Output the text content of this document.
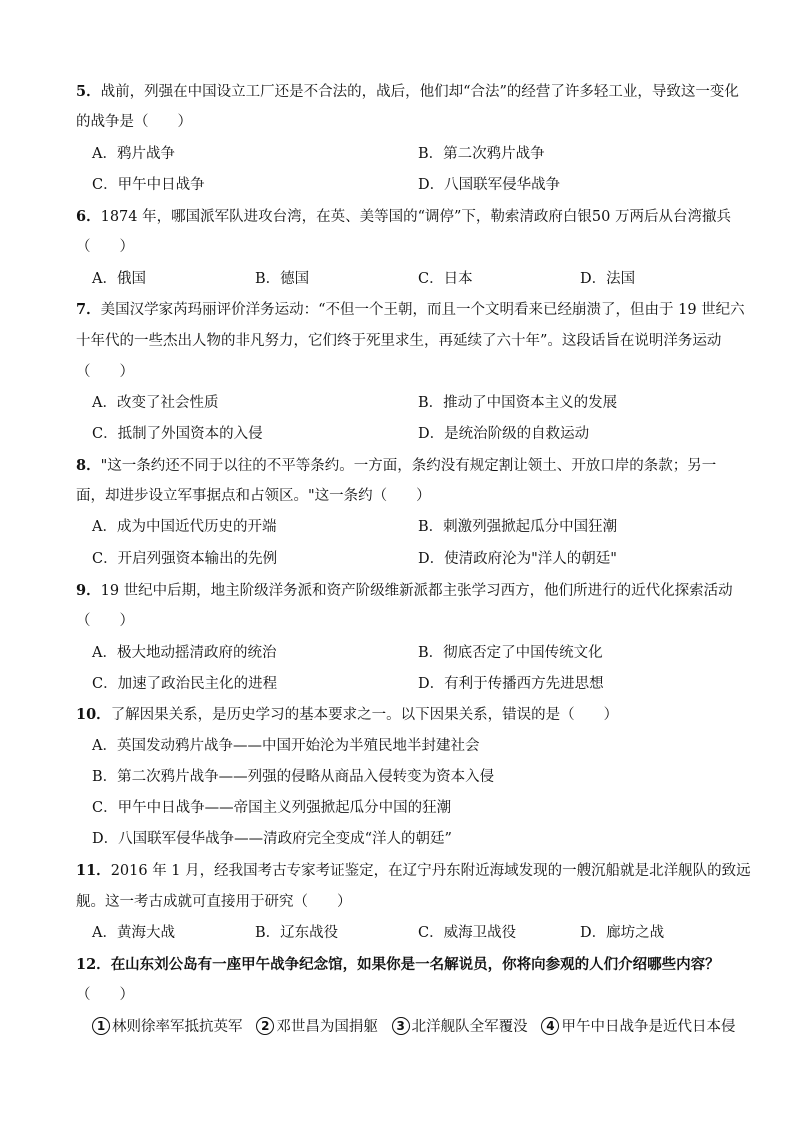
5．战前，列强在中国设立工厂还是不合法的，战后，他们却“合法”的经营了许多轻工业，导致这一变化
的战争是（　　）
A．鸦片战争	B．第二次鸦片战争
C．甲午中日战争	D．八国联军侵华战争
6．1874 年，哪国派军队进攻台湾，在英、美等国的“调停”下，勒索清政府白银50 万两后从台湾撤兵
（　　）
A．俄国	B．德国	C．日本	D．法国
7．美国汉学家芮玛丽评价洋务运动：“不但一个王朝，而且一个文明看来已经崩溃了，但由于 19 世纪六
十年代的一些杰出人物的非凡努力，它们终于死里求生，再延续了六十年”。这段话旨在说明洋务运动
（　　）
A．改变了社会性质	B．推动了中国资本主义的发展
C．抵制了外国资本的入侵	D．是统治阶级的自救运动
8．"这一条约还不同于以往的不平等条约。一方面，条约没有规定割让领土、开放口岸的条款；另一
面，却进步设立军事据点和占领区。"这一条约（　　）
A．成为中国近代历史的开端	B．刺激列强掀起瓜分中国狂潮
C．开启列强资本输出的先例	D．使清政府沦为"洋人的朝廷"
9．19 世纪中后期，地主阶级洋务派和资产阶级维新派都主张学习西方，他们所进行的近代化探索活动
（　　）
A．极大地动摇清政府的统治	B．彻底否定了中国传统文化
C．加速了政治民主化的进程	D．有利于传播西方先进思想
10．了解因果关系，是历史学习的基本要求之一。以下因果关系，错误的是（　　）
A．英国发动鸦片战争——中国开始沦为半殖民地半封建社会
B．第二次鸦片战争——列强的侵略从商品入侵转变为资本入侵
C．甲午中日战争——帝国主义列强掀起瓜分中国的狂潮
D．八国联军侵华战争——清政府完全变成“洋人的朝廷”
11．2016 年 1 月，经我国考古专家考证鉴定，在辽宁丹东附近海域发现的一艘沉船就是北洋舰队的致远
舰。这一考古成就可直接用于研究（　　）
A．黄海大战	B．辽东战役	C．威海卫战役	D．廊坊之战
12．在山东刘公岛有一座甲午战争纪念馆，如果你是一名解说员，你将向参观的人们介绍哪些内容？
（　　）
1 林则徐率军抵抗英军 2 邓世昌为国捐躯 3 北洋舰队全军覆没 4 甲午中日战争是近代日本侵
